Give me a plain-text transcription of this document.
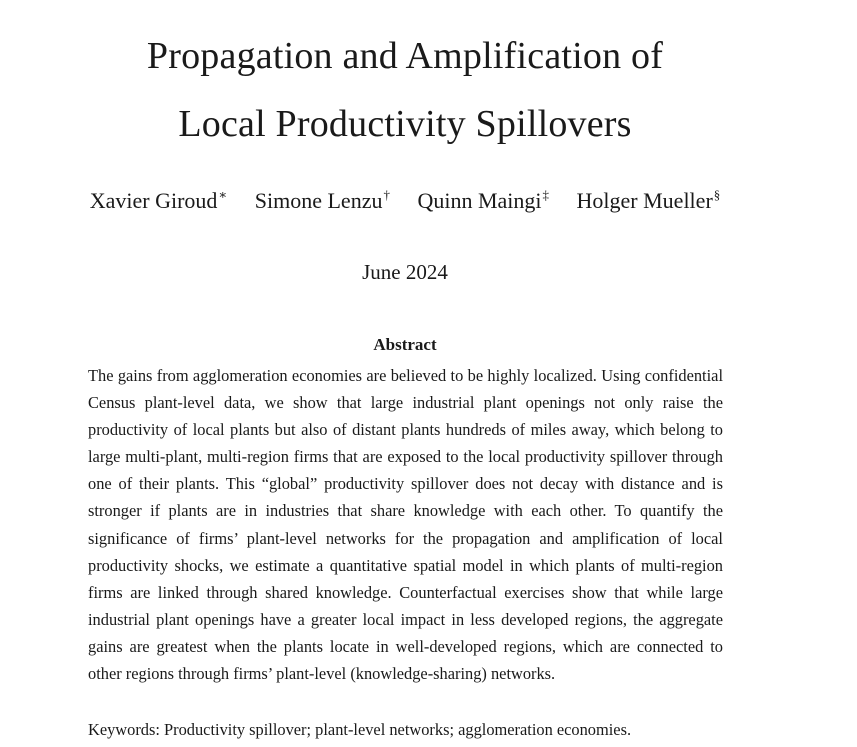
Propagation and Amplification of
Local Productivity Spillovers
Xavier Giroud∗ Simone Lenzu† Quinn Maingi‡ Holger Mueller§
June 2024
Abstract
The gains from agglomeration economies are believed to be highly localized. Using confidential Census plant-level data, we show that large industrial plant openings not only raise the productivity of local plants but also of distant plants hundreds of miles away, which belong to large multi-plant, multi-region firms that are exposed to the local productivity spillover through one of their plants. This “global” productivity spillover does not decay with distance and is stronger if plants are in industries that share knowledge with each other. To quantify the significance of firms’ plant-level networks for the propagation and amplification of local productivity shocks, we estimate a quantitative spatial model in which plants of multi-region firms are linked through shared knowledge. Counterfactual exercises show that while large industrial plant openings have a greater local impact in less developed regions, the aggregate gains are greatest when the plants locate in well-developed regions, which are connected to other regions through firms’ plant-level (knowledge-sharing) networks.
Keywords: Productivity spillover; plant-level networks; agglomeration economies.
